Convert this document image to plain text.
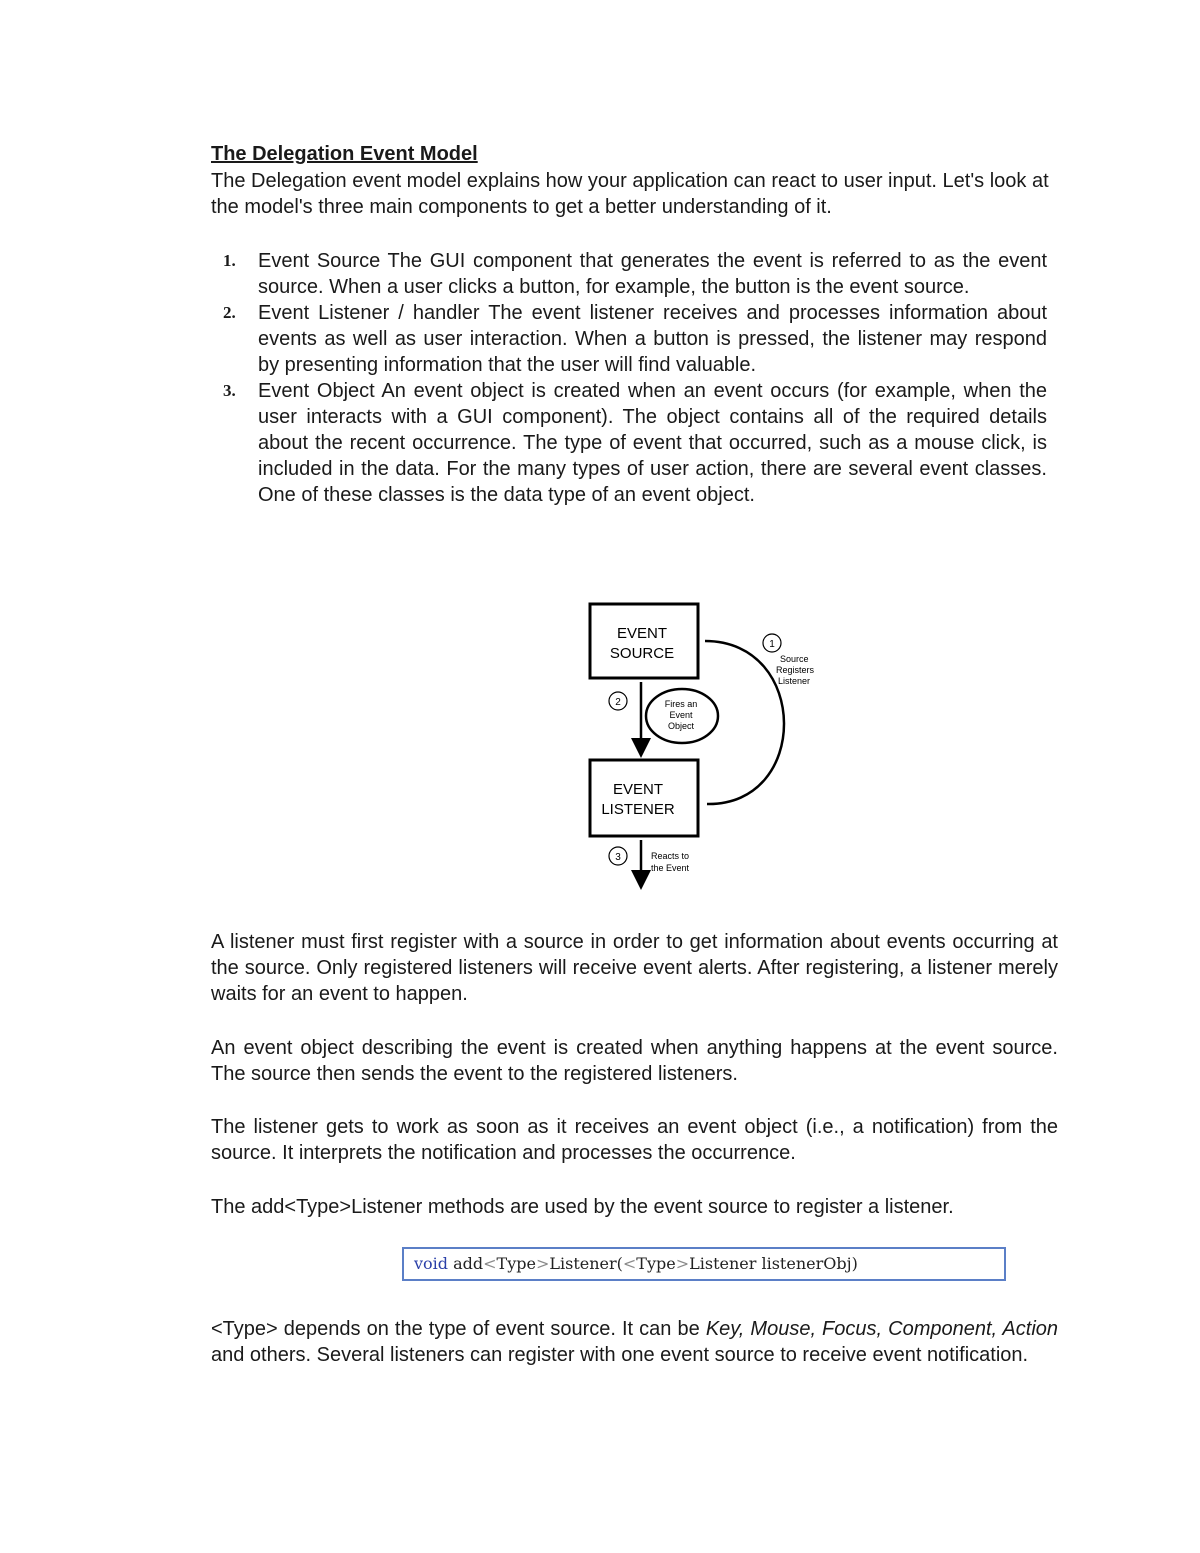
The Delegation Event Model
The Delegation event model explains how your application can react to user input. Let's look at the model's three main components to get a better understanding of it.
1. Event Source The GUI component that generates the event is referred to as the event source. When a user clicks a button, for example, the button is the event source.
2. Event Listener / handler The event listener receives and processes information about events as well as user interaction. When a button is pressed, the listener may respond by presenting information that the user will find valuable.
3. Event Object An event object is created when an event occurs (for example, when the user interacts with a GUI component). The object contains all of the required details about the recent occurrence. The type of event that occurred, such as a mouse click, is included in the data. For the many types of user action, there are several event classes. One of these classes is the data type of an event object.
EVENT
SOURCE
EVENT
LISTENER
1
Source
Registers
Listener
2	Fires an
Event
Object
3	Reacts to
the Event
A listener must first register with a source in order to get information about events occurring at the source. Only registered listeners will receive event alerts. After registering, a listener merely waits for an event to happen.
An event object describing the event is created when anything happens at the event source. The source then sends the event to the registered listeners.
The listener gets to work as soon as it receives an event object (i.e., a notification) from the source. It interprets the notification and processes the occurrence.
The add<Type>Listener methods are used by the event source to register a listener.
void add<Type>Listener(<Type>Listener listenerObj)
<Type> depends on the type of event source. It can be Key, Mouse, Focus, Component, Action and others. Several listeners can register with one event source to receive event notification.
